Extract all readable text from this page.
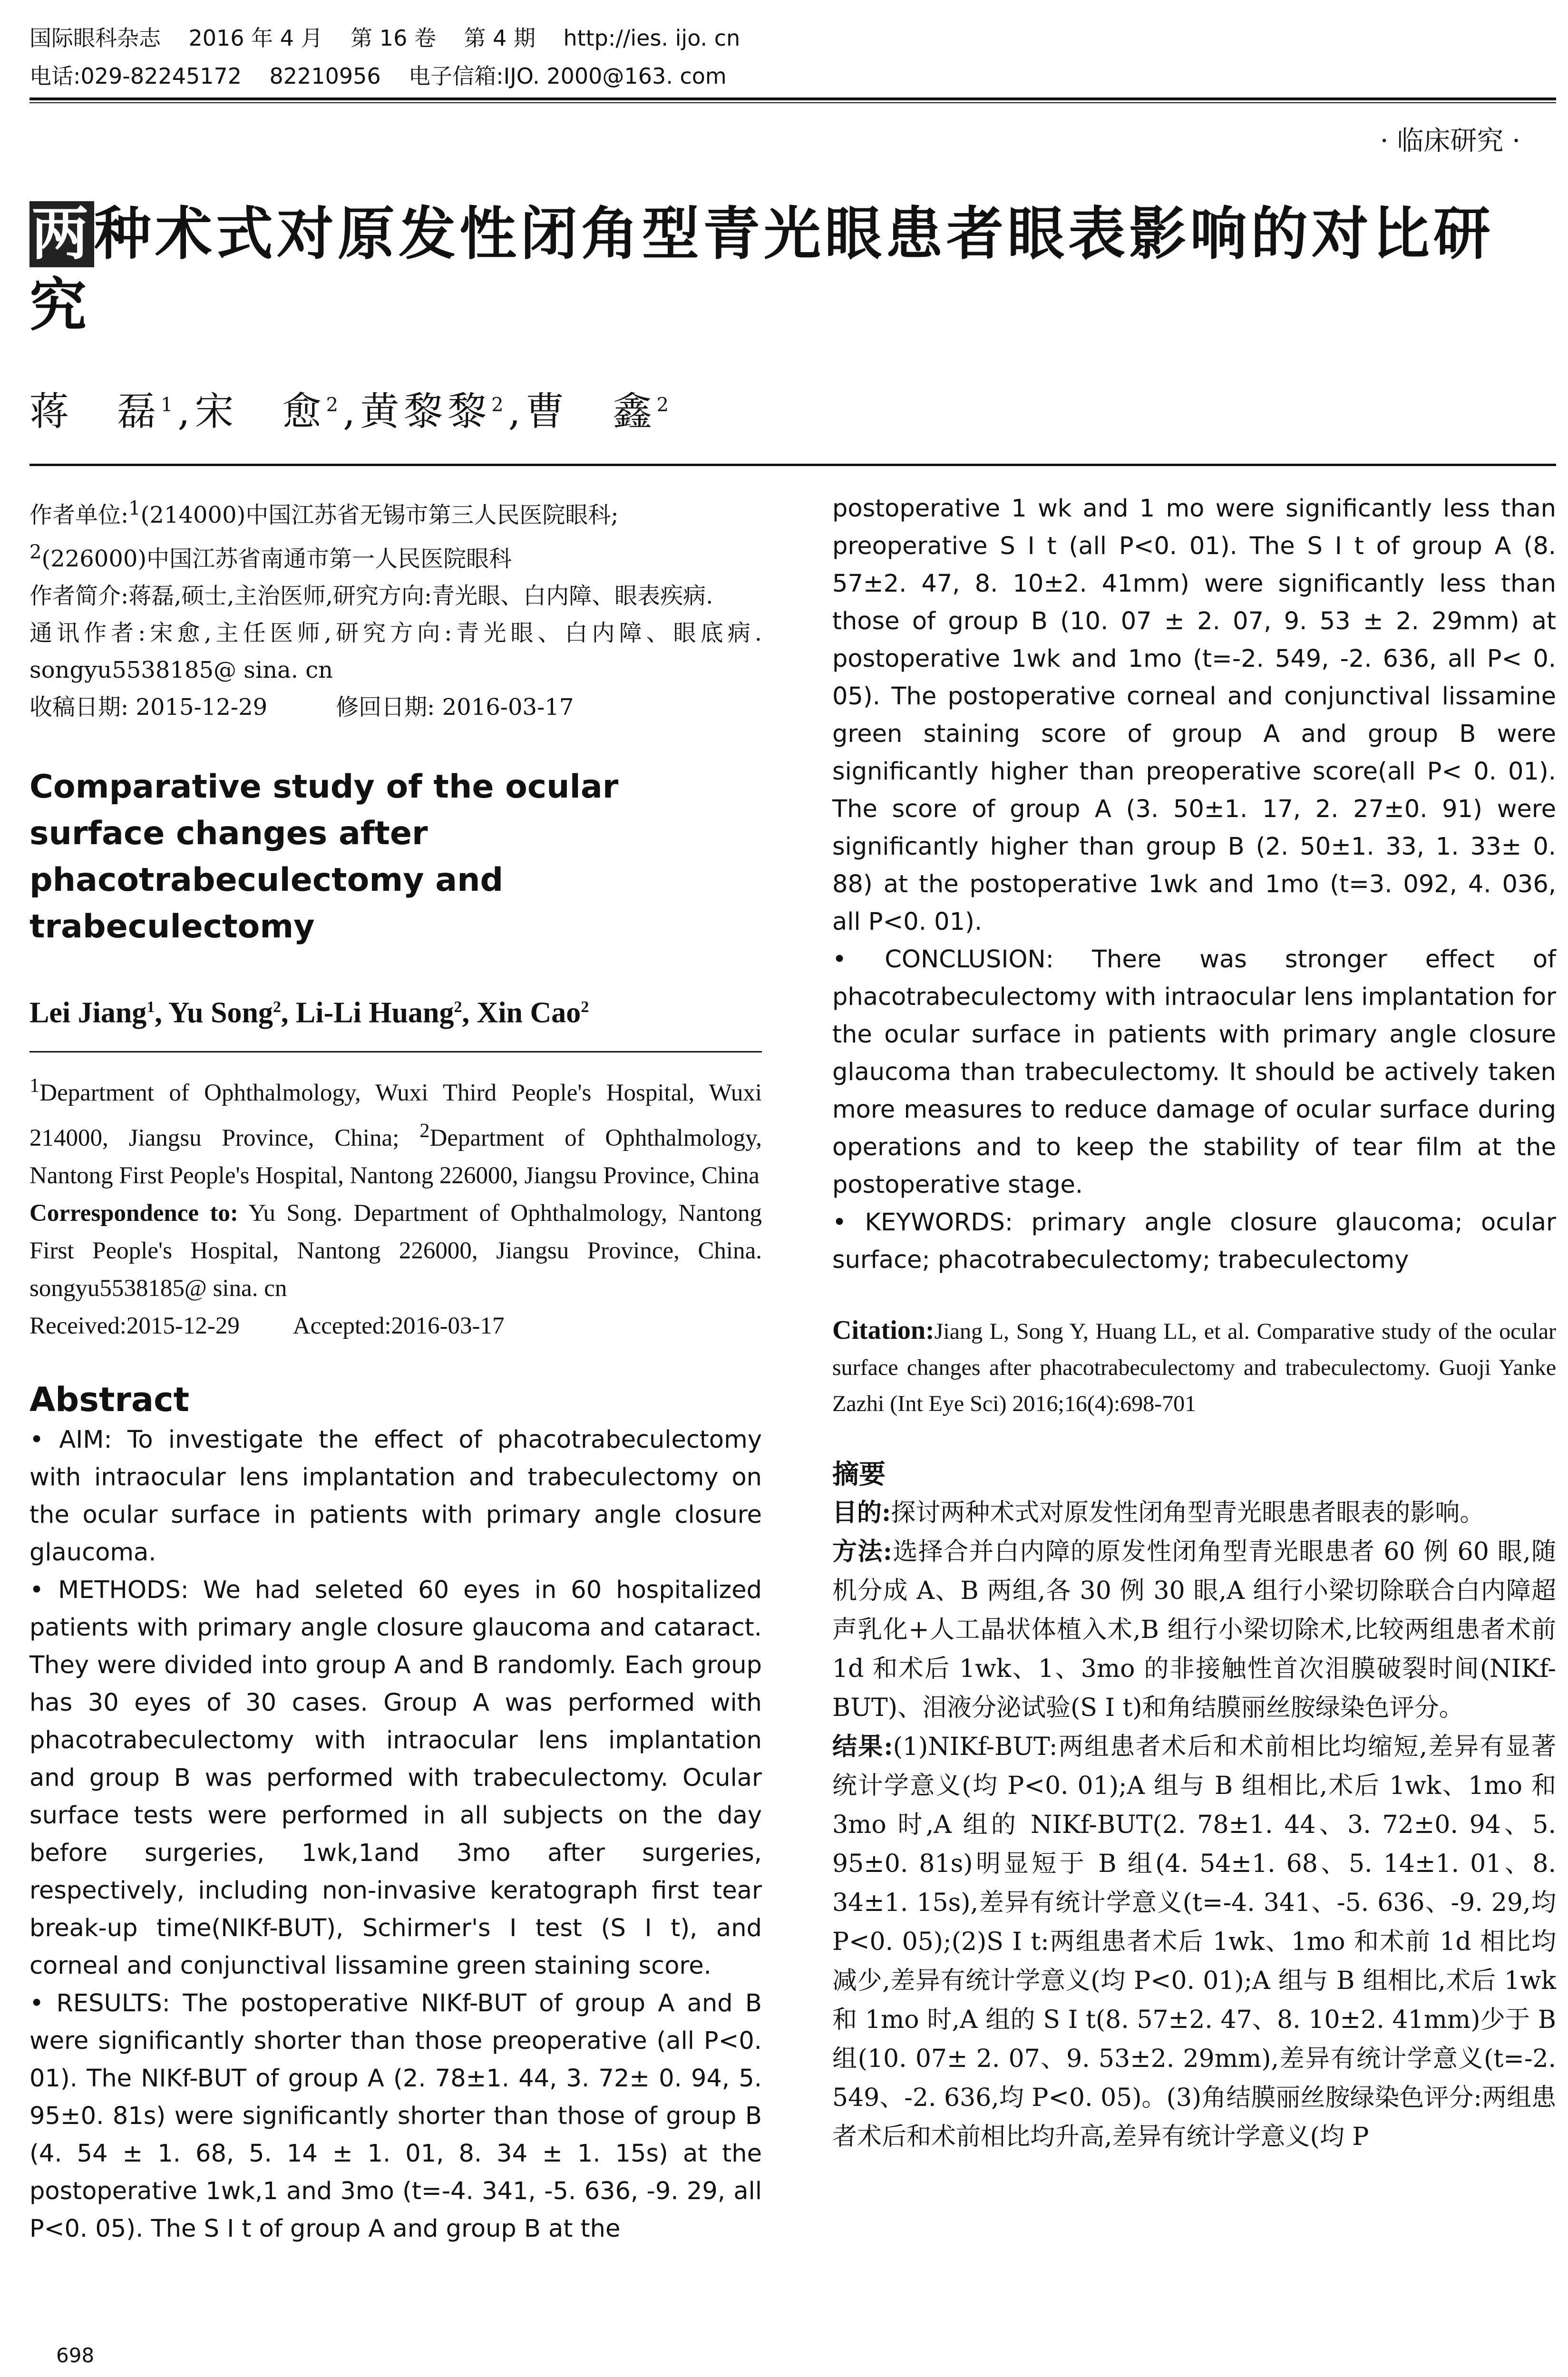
国际眼科杂志    2016 年 4 月    第 16 卷    第 4 期    http://ies. ijo. cn
电话:029-82245172    82210956    电子信箱:IJO. 2000@163. com
· 临床研究 ·
两种术式对原发性闭角型青光眼患者眼表影响的对比研究
蒋　磊$^1$,宋　愈$^2$,黄黎黎$^2$,曹　鑫$^2$

作者单位:$^1$(214000)中国江苏省无锡市第三人民医院眼科;
$^2$(226000)中国江苏省南通市第一人民医院眼科

作者简介:蒋磊,硕士,主治医师,研究方向:青光眼、白内障、眼表疾病.

通讯作者:宋愈,主任医师,研究方向:青光眼、白内障、眼底病. songyu5538185@ sina. cn

收稿日期: 2015-12-29　　　修回日期: 2016-03-17

Comparative study of the ocular surface changes after phacotrabeculectomy and trabeculectomy

Lei Jiang$^1$, Yu Song$^2$, Li-Li Huang$^2$, Xin Cao$^2$

$^1$Department of Ophthalmology, Wuxi Third People's Hospital, Wuxi 214000, Jiangsu Province, China; $^2$Department of Ophthalmology, Nantong First People's Hospital, Nantong 226000, Jiangsu Province, China

Correspondence to: Yu Song. Department of Ophthalmology, Nantong First People's Hospital, Nantong 226000, Jiangsu Province, China. songyu5538185@ sina. cn

Received:2015-12-29　　 Accepted:2016-03-17

Abstract

• AIM: To investigate the effect of phacotrabeculectomy with intraocular lens implantation and trabeculectomy on the ocular surface in patients with primary angle closure glaucoma.

• METHODS: We had seleted 60 eyes in 60 hospitalized patients with primary angle closure glaucoma and cataract. They were divided into group A and B randomly. Each group has 30 eyes of 30 cases. Group A was performed with phacotrabeculectomy with intraocular lens implantation and group B was performed with trabeculectomy. Ocular surface tests were performed in all subjects on the day before surgeries, 1wk,1and 3mo after surgeries, respectively, including non-invasive keratograph first tear break-up time(NIKf-BUT), Schirmer's I test (S I t), and corneal and conjunctival lissamine green staining score.

• RESULTS: The postoperative NIKf-BUT of group A and B were significantly shorter than those preoperative (all P<0. 01). The NIKf-BUT of group A (2. 78±1. 44, 3. 72± 0. 94, 5. 95±0. 81s) were significantly shorter than those of group B (4. 54 ± 1. 68, 5. 14 ± 1. 01, 8. 34 ± 1. 15s) at the postoperative 1wk,1 and 3mo (t=-4. 341, -5. 636, -9. 29, all P<0. 05). The S I t of group A and group B at the

postoperative 1 wk and 1 mo were significantly less than preoperative S I t (all P<0. 01). The S I t of group A (8. 57±2. 47, 8. 10±2. 41mm) were significantly less than those of group B (10. 07 ± 2. 07, 9. 53 ± 2. 29mm) at postoperative 1wk and 1mo (t=-2. 549, -2. 636, all P< 0. 05). The postoperative corneal and conjunctival lissamine green staining score of group A and group B were significantly higher than preoperative score(all P< 0. 01). The score of group A (3. 50±1. 17, 2. 27±0. 91) were significantly higher than group B (2. 50±1. 33, 1. 33± 0. 88) at the postoperative 1wk and 1mo (t=3. 092, 4. 036, all P<0. 01).

• CONCLUSION: There was stronger effect of phacotrabeculectomy with intraocular lens implantation for the ocular surface in patients with primary angle closure glaucoma than trabeculectomy. It should be actively taken more measures to reduce damage of ocular surface during operations and to keep the stability of tear film at the postoperative stage.

• KEYWORDS: primary angle closure glaucoma; ocular surface; phacotrabeculectomy; trabeculectomy

Citation:Jiang L, Song Y, Huang LL, et al. Comparative study of the ocular surface changes after phacotrabeculectomy and trabeculectomy. Guoji Yanke Zazhi (Int Eye Sci) 2016;16(4):698-701

摘要

目的:探讨两种术式对原发性闭角型青光眼患者眼表的影响。

方法:选择合并白内障的原发性闭角型青光眼患者 60 例 60 眼,随机分成 A、B 两组,各 30 例 30 眼,A 组行小梁切除联合白内障超声乳化+人工晶状体植入术,B 组行小梁切除术,比较两组患者术前 1d 和术后 1wk、1、3mo 的非接触性首次泪膜破裂时间(NIKf-BUT)、泪液分泌试验(S I t)和角结膜丽丝胺绿染色评分。

结果:(1)NIKf-BUT:两组患者术后和术前相比均缩短,差异有显著统计学意义(均 P<0. 01);A 组与 B 组相比,术后 1wk、1mo 和 3mo 时,A 组的 NIKf-BUT(2. 78±1. 44、3. 72±0. 94、5. 95±0. 81s)明显短于 B 组(4. 54±1. 68、5. 14±1. 01、8. 34±1. 15s),差异有统计学意义(t=-4. 341、-5. 636、-9. 29,均 P<0. 05);(2)S I t:两组患者术后 1wk、1mo 和术前 1d 相比均减少,差异有统计学意义(均 P<0. 01);A 组与 B 组相比,术后 1wk 和 1mo 时,A 组的 S I t(8. 57±2. 47、8. 10±2. 41mm)少于 B 组(10. 07± 2. 07、9. 53±2. 29mm),差异有统计学意义(t=-2. 549、-2. 636,均 P<0. 05)。(3)角结膜丽丝胺绿染色评分:两组患者术后和术前相比均升高,差异有统计学意义(均 P

698
